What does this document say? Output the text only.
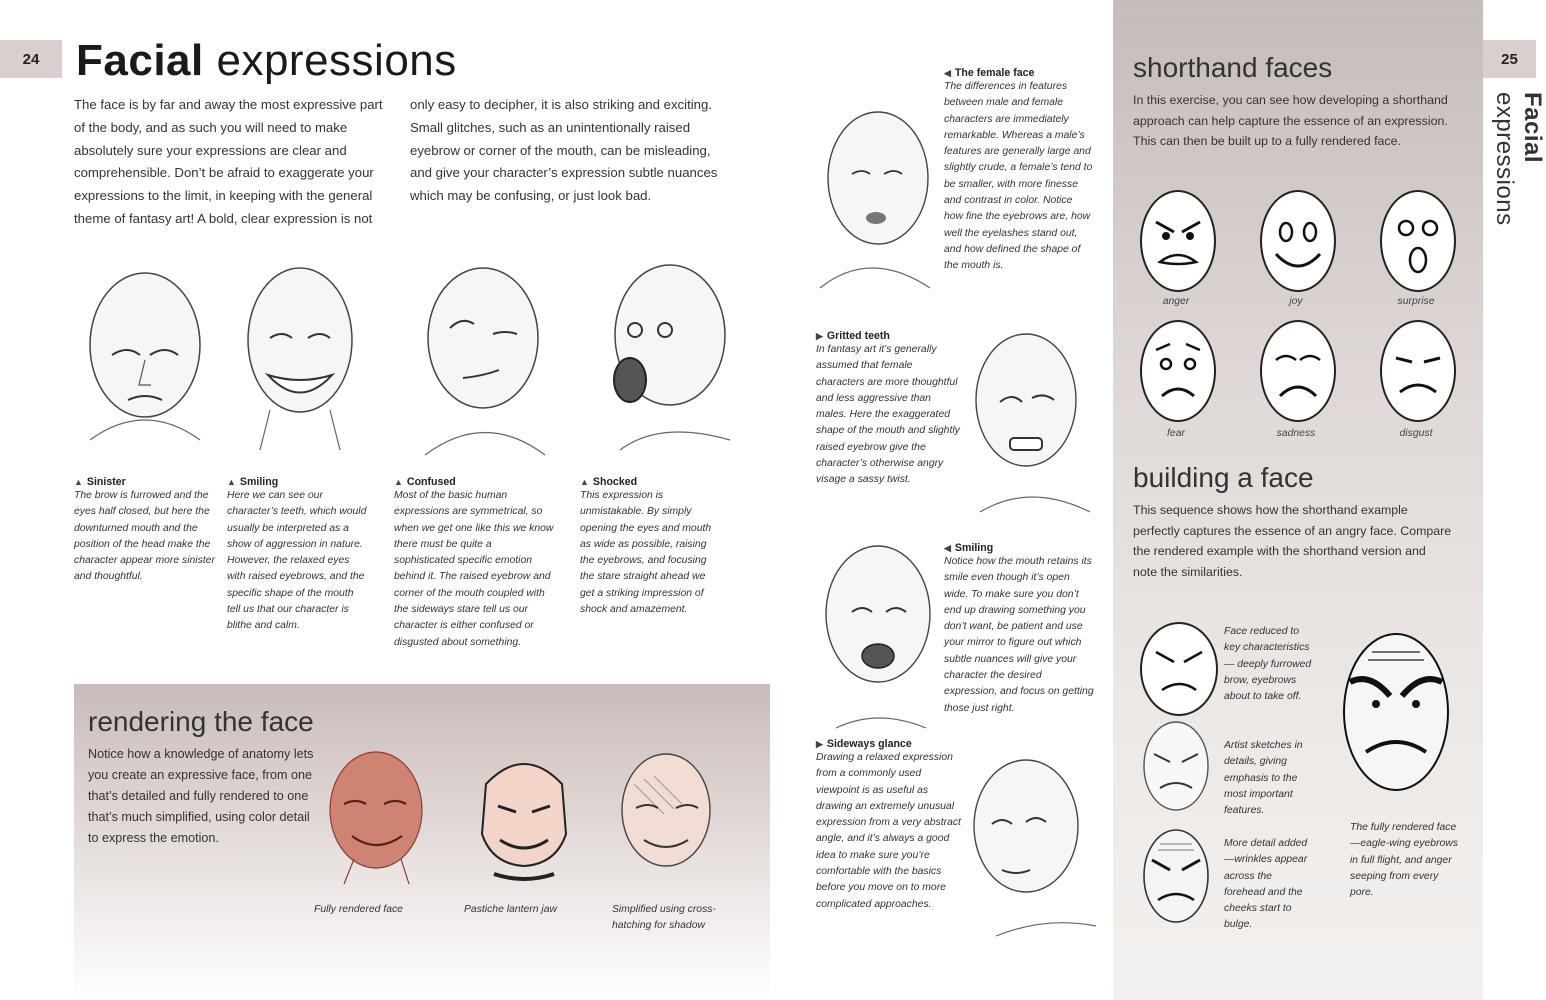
24 Facial expressions
The face is by far and away the most expressive part of the body, and as such you will need to make absolutely sure your expressions are clear and comprehensible. Don’t be afraid to exaggerate your expressions to the limit, in keeping with the general theme of fantasy art! A bold, clear expression is not
only easy to decipher, it is also striking and exciting. Small glitches, such as an unintentionally raised eyebrow or corner of the mouth, can be misleading, and give your character’s expression subtle nuances which may be confusing, or just look bad.
▲ Sinister
The brow is furrowed and the eyes half closed, but here the downturned mouth and the position of the head make the character appear more sinister and thoughtful.
▲ Smiling
Here we can see our character’s teeth, which would usually be interpreted as a show of aggression in nature. However, the relaxed eyes with raised eyebrows, and the specific shape of the mouth tell us that our character is blithe and calm.
▲ Confused
Most of the basic human expressions are symmetrical, so when we get one like this we know there must be quite a sophisticated specific emotion behind it. The raised eyebrow and corner of the mouth coupled with the sideways stare tell us our character is either confused or disgusted about something.
▲ Shocked
This expression is unmistakable. By simply opening the eyes and mouth as wide as possible, raising the eyebrows, and focusing the stare straight ahead we get a striking impression of shock and amazement.
rendering the face
Notice how a knowledge of anatomy lets you create an expressive face, from one that’s detailed and fully rendered to one that’s much simplified, using color detail to express the emotion.
Fully rendered face	Pastiche lantern jaw	Simplified using cross-hatching for shadow
◀ The female face
The differences in features between male and female characters are immediately remarkable. Whereas a male’s features are generally large and slightly crude, a female’s tend to be smaller, with more finesse and contrast in color. Notice how fine the eyebrows are, how well the eyelashes stand out, and how defined the shape of the mouth is.
▶ Gritted teeth
In fantasy art it’s generally assumed that female characters are more thoughtful and less aggressive than males. Here the exaggerated shape of the mouth and slightly raised eyebrow give the character’s otherwise angry visage a sassy twist.
◀ Smiling
Notice how the mouth retains its smile even though it’s open wide. To make sure you don’t end up drawing something you don’t want, be patient and use your mirror to figure out which subtle nuances will give your character the desired expression, and focus on getting those just right.
▶ Sideways glance
Drawing a relaxed expression from a commonly used viewpoint is as useful as drawing an extremely unusual expression from a very abstract angle, and it’s always a good idea to make sure you’re comfortable with the basics before you move on to more complicated approaches.
25
Facial expressions
shorthand faces
In this exercise, you can see how developing a shorthand approach can help capture the essence of an expression. This can then be built up to a fully rendered face.
anger	joy	surprise
fear	sadness	disgust
building a face
This sequence shows how the shorthand example perfectly captures the essence of an angry face. Compare the rendered example with the shorthand version and note the similarities.
Face reduced to key characteristics— deeply furrowed brow, eyebrows about to take off.
Artist sketches in details, giving emphasis to the most important features.
More detail added—wrinkles appear across the forehead and the cheeks start to bulge.
The fully rendered face—eagle-wing eyebrows in full flight, and anger seeping from every pore.
